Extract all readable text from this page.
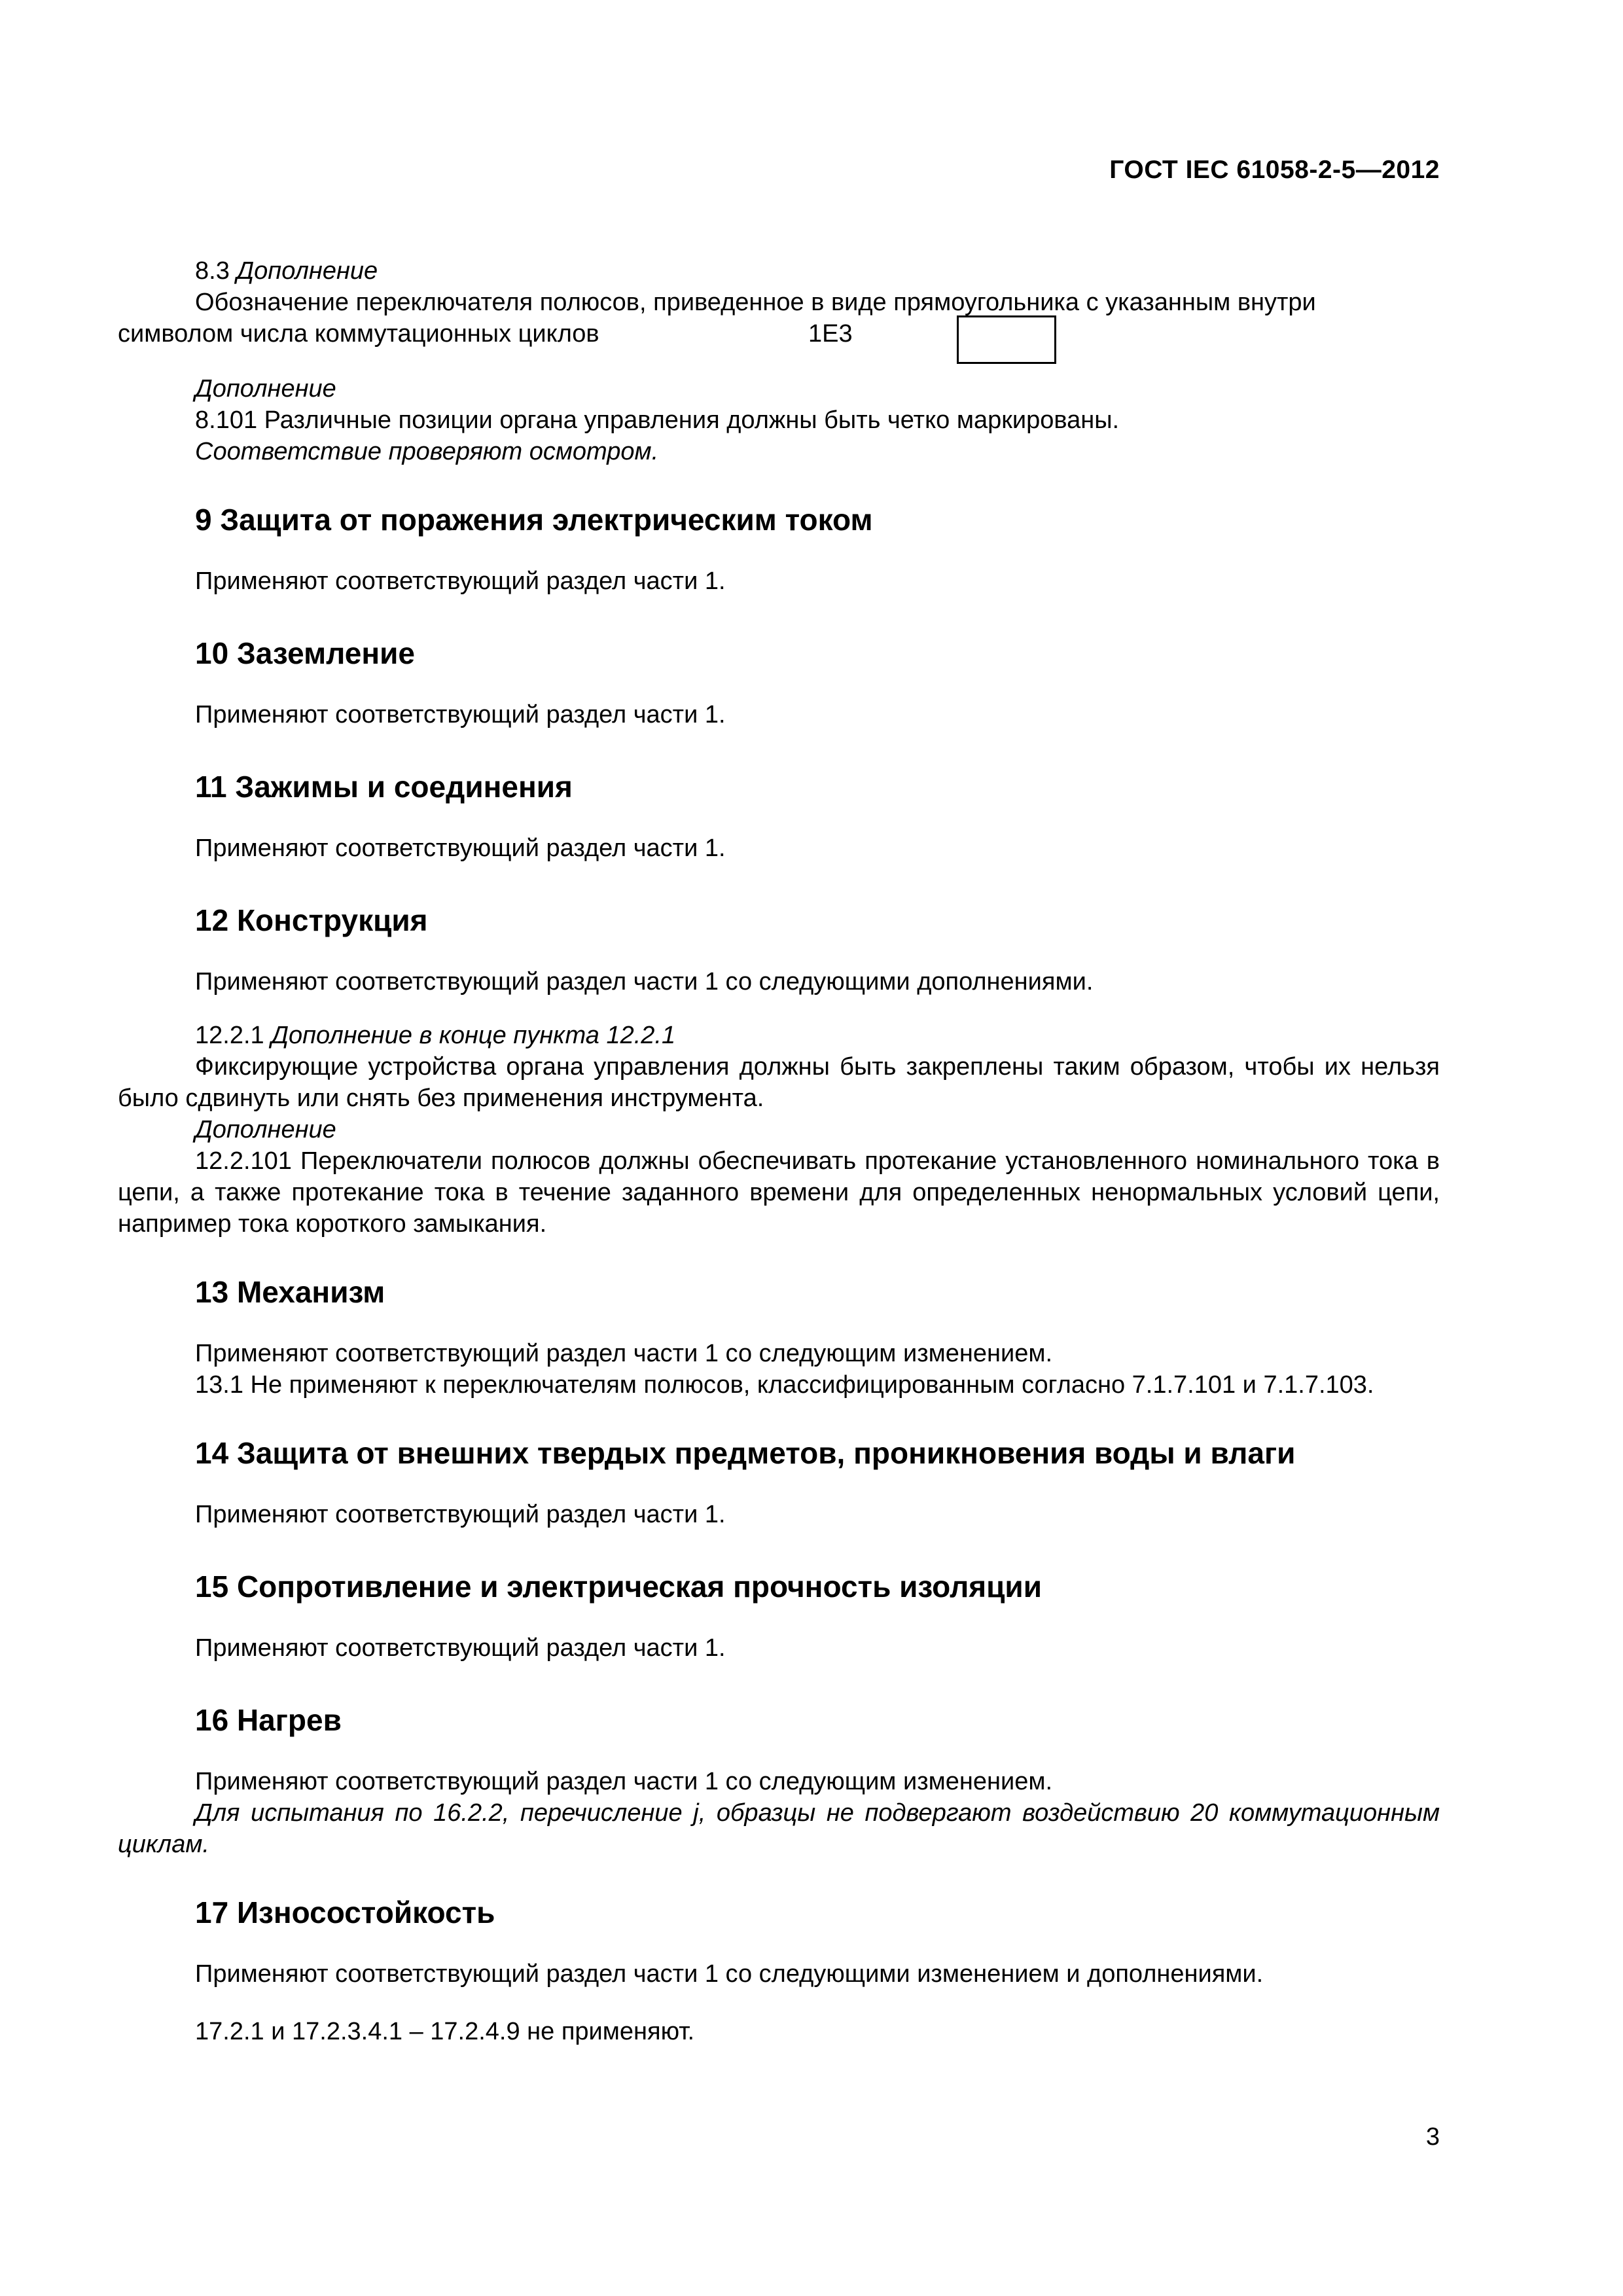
ГОСТ IEC 61058-2-5—2012

8.3 Дополнение

Обозначение переключателя полюсов, приведенное в виде прямоугольника с указанным внутри

символом числа коммутационных циклов	1Е3

Дополнение

8.101 Различные позиции органа управления должны быть четко маркированы.

Соответствие проверяют осмотром.

9 Защита от поражения электрическим током

Применяют соответствующий раздел части 1.

10 Заземление

Применяют соответствующий раздел части 1.

11 Зажимы и соединения

Применяют соответствующий раздел части 1.

12 Конструкция

Применяют соответствующий раздел части 1 со следующими дополнениями.

12.2.1 Дополнение в конце пункта 12.2.1

Фиксирующие устройства органа управления должны быть закреплены таким образом, чтобы их нельзя было сдвинуть или снять без применения инструмента.

Дополнение

12.2.101 Переключатели полюсов должны обеспечивать протекание установленного номинального тока в цепи, а также протекание тока в течение заданного времени для определенных ненормальных условий цепи, например тока короткого замыкания.

13 Механизм

Применяют соответствующий раздел части 1 со следующим изменением.

13.1 Не применяют к переключателям полюсов, классифицированным согласно 7.1.7.101 и 7.1.7.103.

14 Защита от внешних твердых предметов, проникновения воды и влаги

Применяют соответствующий раздел части 1.

15 Сопротивление и электрическая прочность изоляции

Применяют соответствующий раздел части 1.

16 Нагрев

Применяют соответствующий раздел части 1 со следующим изменением.

Для испытания по 16.2.2, перечисление j, образцы не подвергают воздействию 20 коммутационным циклам.

17 Износостойкость

Применяют соответствующий раздел части 1 со следующими изменением и дополнениями.

17.2.1 и 17.2.3.4.1 – 17.2.4.9 не применяют.

3
